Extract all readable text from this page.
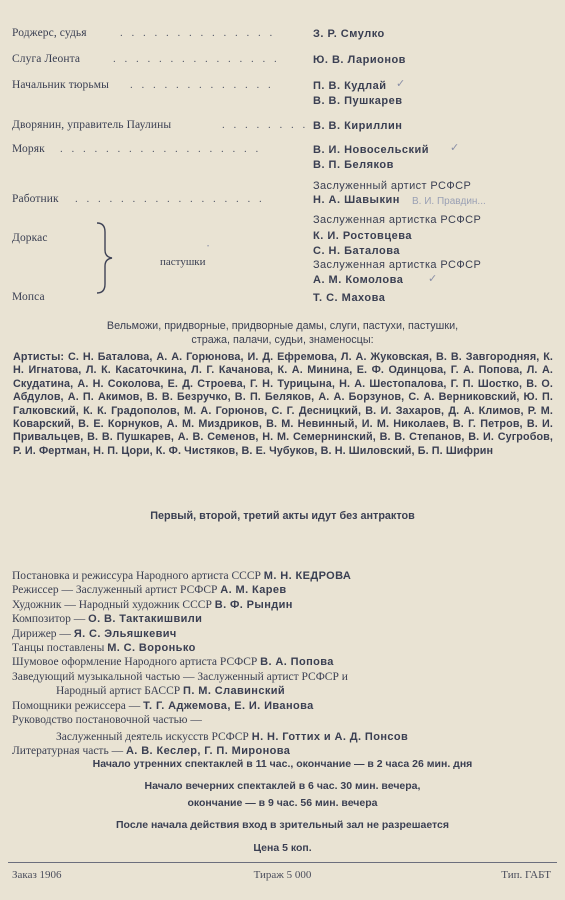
Роджерс, судья	. . . . . . . . . . . . . .	З. Р. Смулко
Слуга Леонта	. . . . . . . . . . . . . . .	Ю. В. Ларионов
Начальник тюрьмы . . . . . . . . . . . . .	П. В. Кудлай ✓
В. В. Пушкарев
Дворянин, управитель Паулины	. . . . . . . . В. В. Кириллин
Моряк . . . . . . . . . . . . . . . . . .	В. И. Новосельский ✓
В. П. Беляков
Заслуженный артист РСФСР
Работник . . . . . . . . . . . . . . . . .	Н. А. Шавыкин В. И. Правдин...
Заслуженная артистка РСФСР
Доркас	К. И. Ростовцева
С. Н. Баталова
пастушки
•
Заслуженная артистка РСФСР
А. М. Комолова ✓
Мопса	Т. С. Махова
Вельможи, придворные, придворные дамы, слуги, пастухи, пастушки,
стража, палачи, судьи, знаменосцы:
Артисты: С. Н. Баталова, А. А. Горюнова, И. Д. Ефремова, Л. А. Жуковская, В. В. Завгородняя, К. Н. Игнатова, Л. К. Касаточкина, Л. Г. Качанова, К. А. Минина, Е. Ф. Одинцова, Г. А. Попова, Л. А. Скудатина, А. Н. Соколова, Е. Д. Строева, Г. Н. Турицына, Н. А. Шестопалова, Г. П. Шостко, В. О. Абдулов, А. П. Акимов, В. В. Безручко, В. П. Беляков, А. А. Борзунов, С. А. Верниковский, Ю. П. Галковский, К. К. Градополов, М. А. Горюнов, С. Г. Десницкий, В. И. Захаров, Д. А. Климов, Р. М. Коварский, В. Е. Корнуков, А. М. Миздриков, В. М. Невинный, И. М. Николаев, В. Г. Петров, В. И. Привальцев, В. В. Пушкарев, А. В. Семенов, Н. М. Семернинский, В. В. Степанов, В. И. Сугробов, Р. И. Фертман, Н. П. Цори, К. Ф. Чистяков, В. Е. Чубуков, В. Н. Шиловский, Б. П. Шифрин
Первый, второй, третий акты идут без антрактов
Постановка и режиссура Народного артиста СССР М. Н. КЕДРОВА
Режиссер — Заслуженный артист РСФСР А. М. Карев
Художник — Народный художник СССР В. Ф. Рындин
Композитор — О. В. Тактакишвили
Дирижер — Я. С. Эльяшкевич
Танцы поставлены М. С. Воронько
Шумовое оформление Народного артиста РСФСР В. А. Попова
Заведующий музыкальной частью — Заслуженный артист РСФСР и
Народный артист БАССР П. М. Славинский
Помощники режиссера — Т. Г. Аджемова, Е. И. Иванова
Руководство постановочной частью —
Заслуженный деятель искусств РСФСР Н. Н. Готтих и А. Д. Понсов
Литературная часть — А. В. Кеслер, Г. П. Миронова
Начало утренних спектаклей в 11 час., окончание — в 2 часа 26 мин. дня
Начало вечерних спектаклей в 6 час. 30 мин. вечера,
окончание — в 9 час. 56 мин. вечера
После начала действия вход в зрительный зал не разрешается
Цена 5 коп.
Заказ 1906	Тираж 5 000	Тип. ГАБТ
